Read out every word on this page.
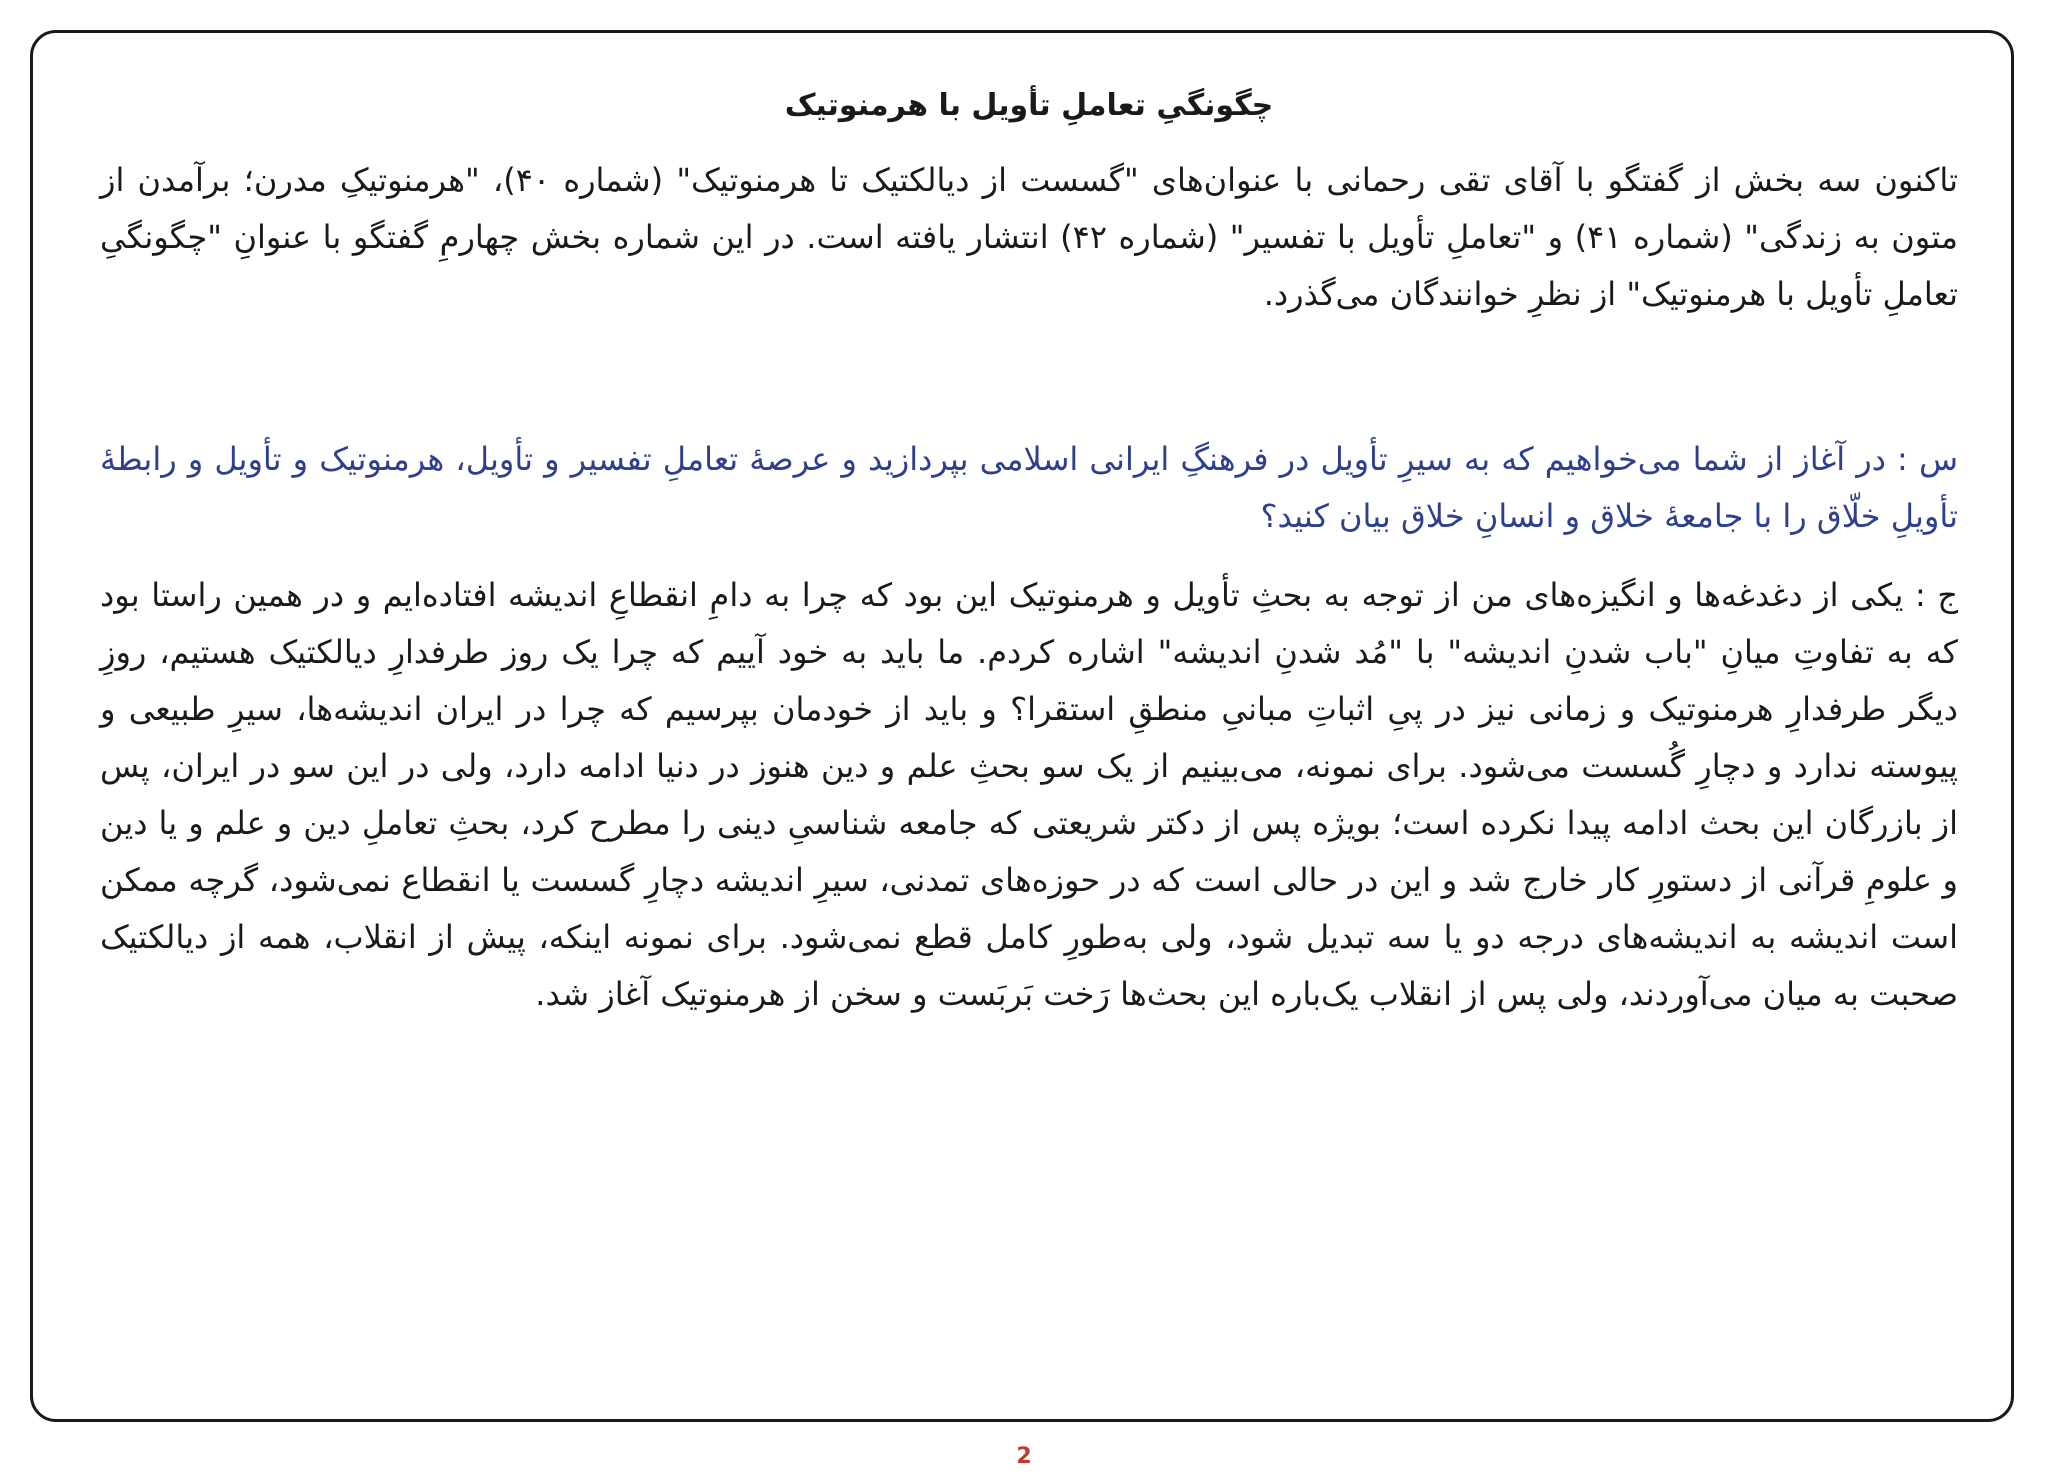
چگونگیِ تعاملِ تأویل با هرمنوتیک

تاکنون سه بخش از گفتگو با آقای تقی رحمانی با عنوان‌های "گسست از دیالکتیک تا هرمنوتیک" (شماره ۴۰)، "هرمنوتیکِ مدرن؛ برآمدن از متون به زندگی" (شماره ۴۱) و "تعاملِ تأویل با تفسیر" (شماره ۴۲) انتشار یافته است. در این شماره بخش چهارمِ گفتگو با عنوانِ "چگونگیِ تعاملِ تأویل با هرمنوتیک" از نظرِ خوانندگان می‌گذرد.

س : در آغاز از شما می‌خواهیم که به سیرِ تأویل در فرهنگِ ایرانی اسلامی بپردازید و عرصهٔ تعاملِ تفسیر و تأویل، هرمنوتیک و تأویل و رابطهٔ تأویلِ خلّاق را با جامعهٔ خلاق و انسانِ خلاق بیان کنید؟

ج : یکی از دغدغه‌ها و انگیزه‌های من از توجه به بحثِ تأویل و هرمنوتیک این بود که چرا به دامِ انقطاعِ اندیشه افتاده‌ایم و در همین راستا بود که به تفاوتِ میانِ "باب شدنِ اندیشه" با "مُد شدنِ اندیشه" اشاره کردم. ما باید به خود آییم که چرا یک روز طرفدارِ دیالکتیک هستیم، روزِ دیگر طرفدارِ هرمنوتیک و زمانی نیز در پیِ اثباتِ مبانیِ منطقِ استقرا؟ و باید از خودمان بپرسیم که چرا در ایران اندیشه‌ها، سیرِ طبیعی و پیوسته ندارد و دچارِ گُسست می‌شود. برای نمونه، می‌بینیم از یک سو بحثِ علم و دین هنوز در دنیا ادامه دارد، ولی در این سو در ایران، پس از بازرگان این بحث ادامه پیدا نکرده است؛ بویژه پس از دکتر شریعتی که جامعه شناسیِ دینی را مطرح کرد، بحثِ تعاملِ دین و علم و یا دین و علومِ قرآنی از دستورِ کار خارج شد و این در حالی است که در حوزه‌های تمدنی، سیرِ اندیشه دچارِ گسست یا انقطاع نمی‌شود، گرچه ممکن است اندیشه به اندیشه‌های درجه دو یا سه تبدیل شود، ولی به‌طورِ کامل قطع نمی‌شود. برای نمونه اینکه، پیش از انقلاب، همه از دیالکتیک صحبت به میان می‌آوردند، ولی پس از انقلاب یک‌باره این بحث‌ها رَخت بَربَست و سخن از هرمنوتیک آغاز شد.

2
